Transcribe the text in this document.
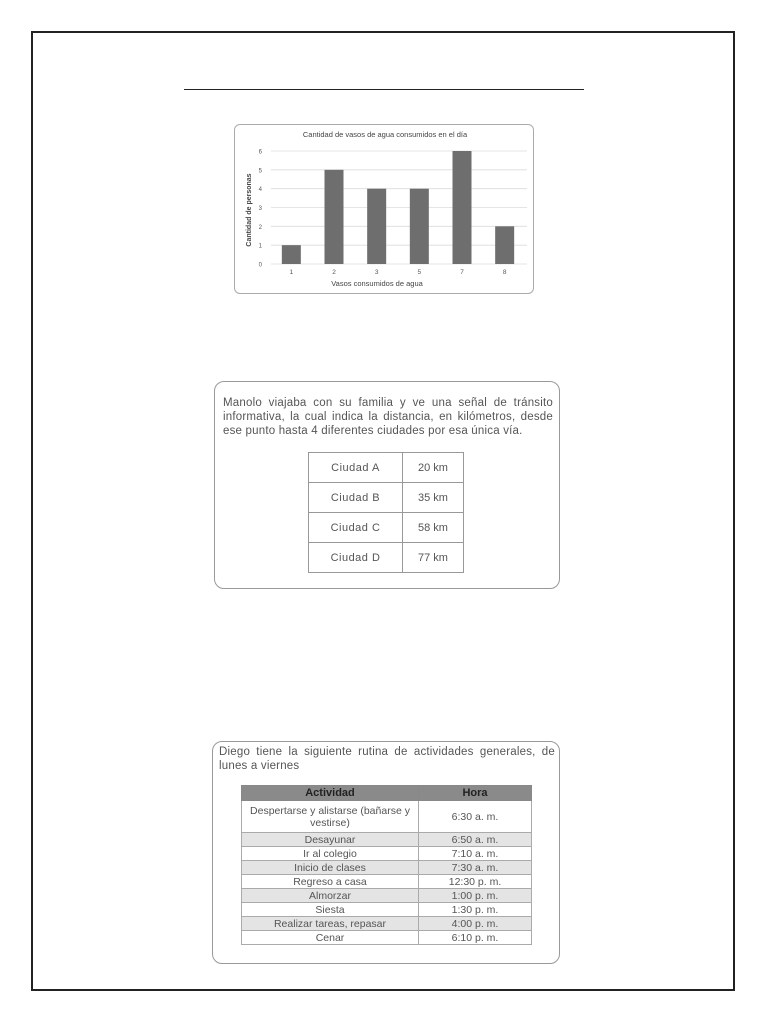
Cantidad de vasos de agua consumidos en el día
Vasos consumidos de agua
Cantidad de personas
1	2	3	5	7	8
0
1
2
3
4
5
6
Manolo viajaba con su familia y ve una señal de tránsito informativa, la cual indica la distancia, en kilómetros, desde ese punto hasta 4 diferentes ciudades por esa única vía.
Ciudad A	20 km
Ciudad B	35 km
Ciudad C	58 km
Ciudad D	77 km
Diego tiene la siguiente rutina de actividades generales, de lunes a viernes
Actividad	Hora
Despertarse y alistarse (bañarse y vestirse)	6:30 a. m.
Desayunar	6:50 a. m.
Ir al colegio	7:10 a. m.
Inicio de clases	7:30 a. m.
Regreso a casa	12:30 p. m.
Almorzar	1:00 p. m.
Siesta	1:30 p. m.
Realizar tareas, repasar	4:00 p. m.
Cenar	6:10 p. m.
